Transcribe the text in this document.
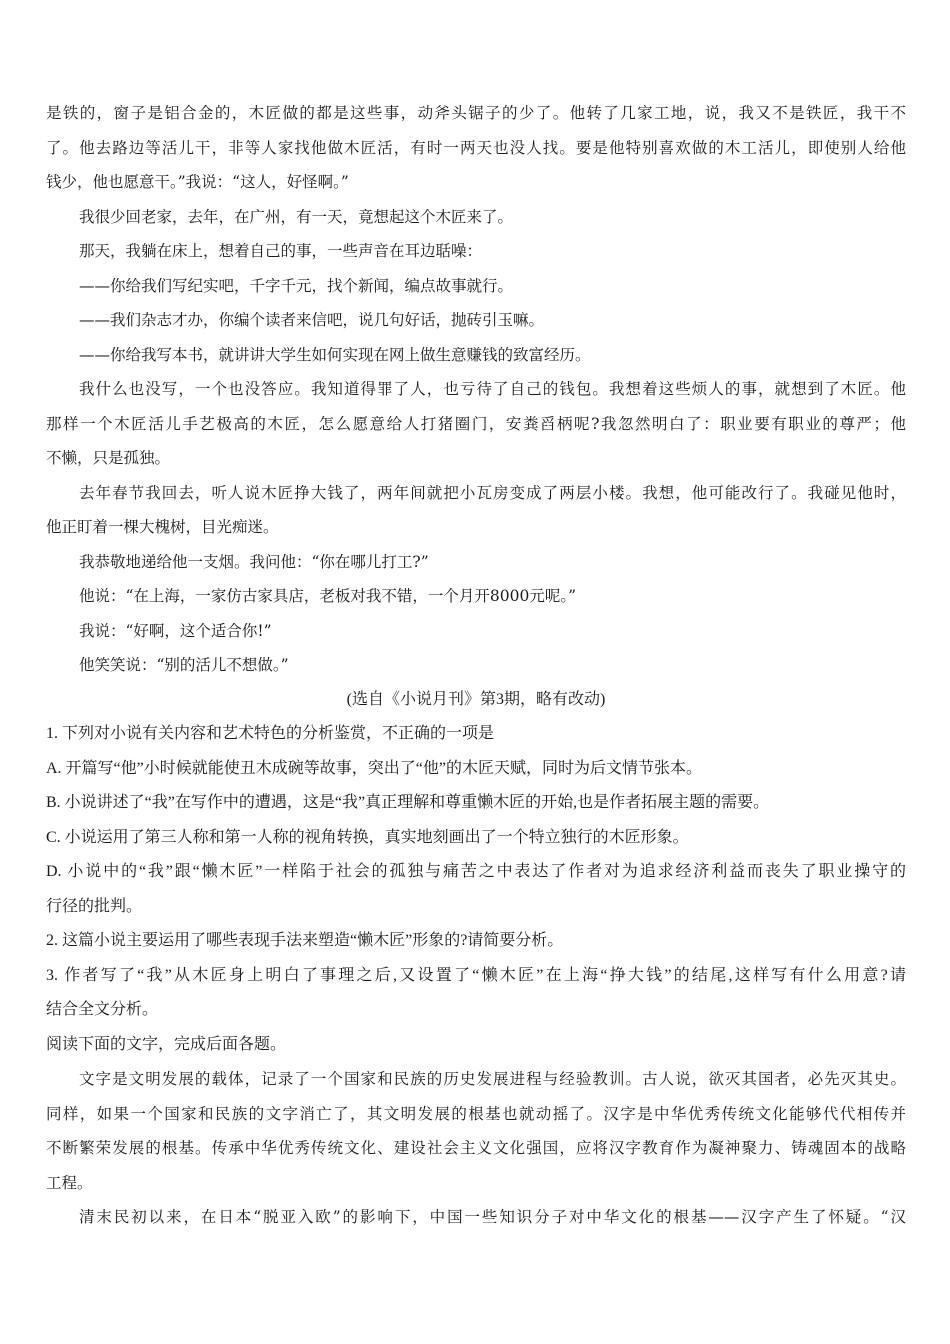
是铁的，窗子是铝合金的，木匠做的都是这些事，动斧头锯子的少了。他转了几家工地，说，我又不是铁匠，我干不
了。他去路边等活儿干，非等人家找他做木匠活，有时一两天也没人找。要是他特别喜欢做的木工活儿，即使别人给他
钱少，他也愿意干。”我说：“这人，好怪啊。”
我很少回老家，去年，在广州，有一天，竟想起这个木匠来了。
那天，我躺在床上，想着自己的事，一些声音在耳边聒噪：
——你给我们写纪实吧，千字千元，找个新闻，编点故事就行。
——我们杂志才办，你编个读者来信吧，说几句好话，抛砖引玉嘛。
——你给我写本书，就讲讲大学生如何实现在网上做生意赚钱的致富经历。
我什么也没写，一个也没答应。我知道得罪了人，也亏待了自己的钱包。我想着这些烦人的事，就想到了木匠。他
那样一个木匠活儿手艺极高的木匠，怎么愿意给人打猪圈门，安粪舀柄呢?我忽然明白了：职业要有职业的尊严；他
不懒，只是孤独。
去年春节我回去，听人说木匠挣大钱了，两年间就把小瓦房变成了两层小楼。我想，他可能改行了。我碰见他时，
他正盯着一棵大槐树，目光痴迷。
我恭敬地递给他一支烟。我问他：“你在哪儿打工?”
他说：“在上海，一家仿古家具店，老板对我不错，一个月开8000元呢。”
我说：“好啊，这个适合你!”
他笑笑说：“别的活儿不想做。”
(选自《小说月刊》第3期，略有改动)
1. 下列对小说有关内容和艺术特色的分析鉴赏，不正确的一项是
A. 开篇写“他”小时候就能使丑木成碗等故事，突出了“他”的木匠天赋，同时为后文情节张本。
B. 小说讲述了“我”在写作中的遭遇，这是“我”真正理解和尊重懒木匠的开始,也是作者拓展主题的需要。
C. 小说运用了第三人称和第一人称的视角转换，真实地刻画出了一个特立独行的木匠形象。
D. 小说中的“我”跟“懒木匠”一样陷于社会的孤独与痛苦之中表达了作者对为追求经济利益而丧失了职业操守的
行径的批判。
2. 这篇小说主要运用了哪些表现手法来塑造“懒木匠”形象的?请简要分析。
3. 作者写了“我”从木匠身上明白了事理之后,又设置了“懒木匠”在上海“挣大钱”的结尾,这样写有什么用意?请
结合全文分析。
阅读下面的文字，完成后面各题。
文字是文明发展的载体，记录了一个国家和民族的历史发展进程与经验教训。古人说，欲灭其国者，必先灭其史。
同样，如果一个国家和民族的文字消亡了，其文明发展的根基也就动摇了。汉字是中华优秀传统文化能够代代相传并
不断繁荣发展的根基。传承中华优秀传统文化、建设社会主义文化强国，应将汉字教育作为凝神聚力、铸魂固本的战略
工程。
清末民初以来，在日本“脱亚入欧”的影响下，中国一些知识分子对中华文化的根基——汉字产生了怀疑。“汉
